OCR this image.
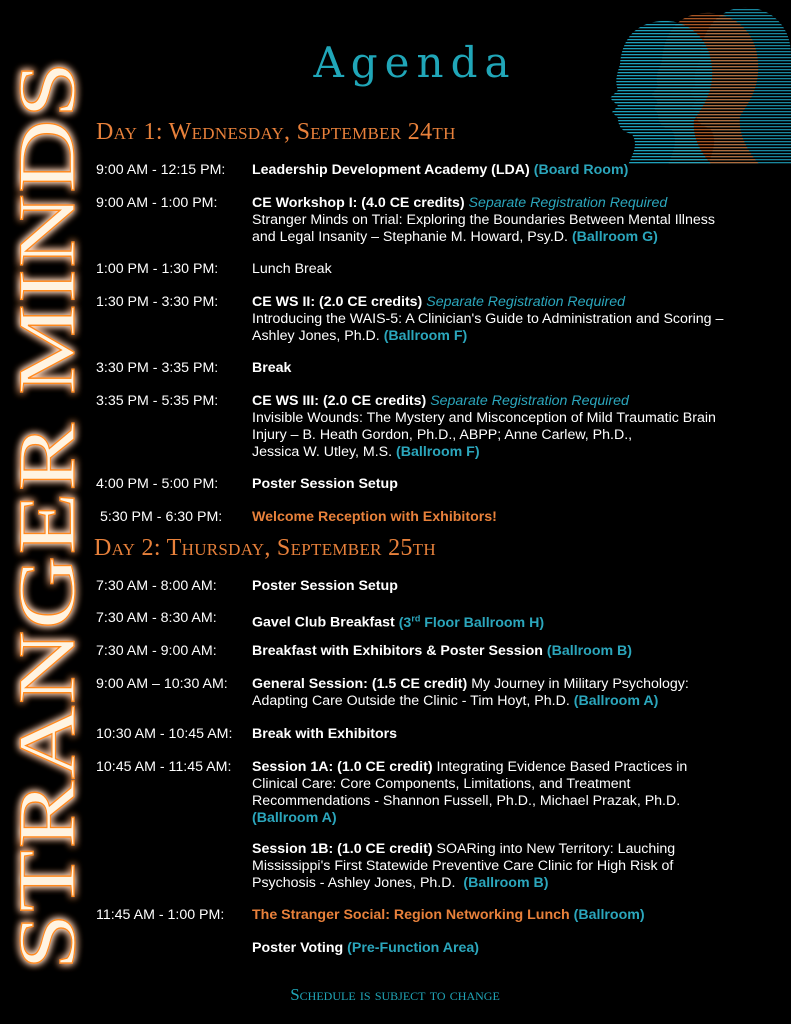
STRANGER MINDS
Agenda
Day 1: Wednesday, September 24th
9:00 AM - 12:15 PM: Leadership Development Academy (LDA) (Board Room)
9:00 AM - 1:00 PM: CE Workshop I: (4.0 CE credits) Separate Registration Required
Stranger Minds on Trial: Exploring the Boundaries Between Mental Illness
and Legal Insanity – Stephanie M. Howard, Psy.D. (Ballroom G)
1:00 PM - 1:30 PM: Lunch Break
1:30 PM - 3:30 PM: CE WS II: (2.0 CE credits) Separate Registration Required
Introducing the WAIS-5: A Clinician's Guide to Administration and Scoring –
Ashley Jones, Ph.D. (Ballroom F)
3:30 PM - 3:35 PM: Break
3:35 PM - 5:35 PM: CE WS III: (2.0 CE credits) Separate Registration Required
Invisible Wounds: The Mystery and Misconception of Mild Traumatic Brain
Injury – B. Heath Gordon, Ph.D., ABPP; Anne Carlew, Ph.D.,
Jessica W. Utley, M.S. (Ballroom F)
4:00 PM - 5:00 PM: Poster Session Setup
5:30 PM - 6:30 PM: Welcome Reception with Exhibitors!
Day 2: Thursday, September 25th
7:30 AM - 8:00 AM: Poster Session Setup
7:30 AM - 8:30 AM: Gavel Club Breakfast (3rd Floor Ballroom H)
7:30 AM - 9:00 AM: Breakfast with Exhibitors & Poster Session (Ballroom B)
9:00 AM – 10:30 AM: General Session: (1.5 CE credit) My Journey in Military Psychology:
Adapting Care Outside the Clinic - Tim Hoyt, Ph.D. (Ballroom A)
10:30 AM - 10:45 AM: Break with Exhibitors
10:45 AM - 11:45 AM: Session 1A: (1.0 CE credit) Integrating Evidence Based Practices in
Clinical Care: Core Components, Limitations, and Treatment
Recommendations - Shannon Fussell, Ph.D., Michael Prazak, Ph.D.
(Ballroom A)
Session 1B: (1.0 CE credit) SOARing into New Territory: Lauching
Mississippi's First Statewide Preventive Care Clinic for High Risk of
Psychosis - Ashley Jones, Ph.D. (Ballroom B)
11:45 AM - 1:00 PM: The Stranger Social: Region Networking Lunch (Ballroom)
Poster Voting (Pre-Function Area)
Schedule is subject to change
